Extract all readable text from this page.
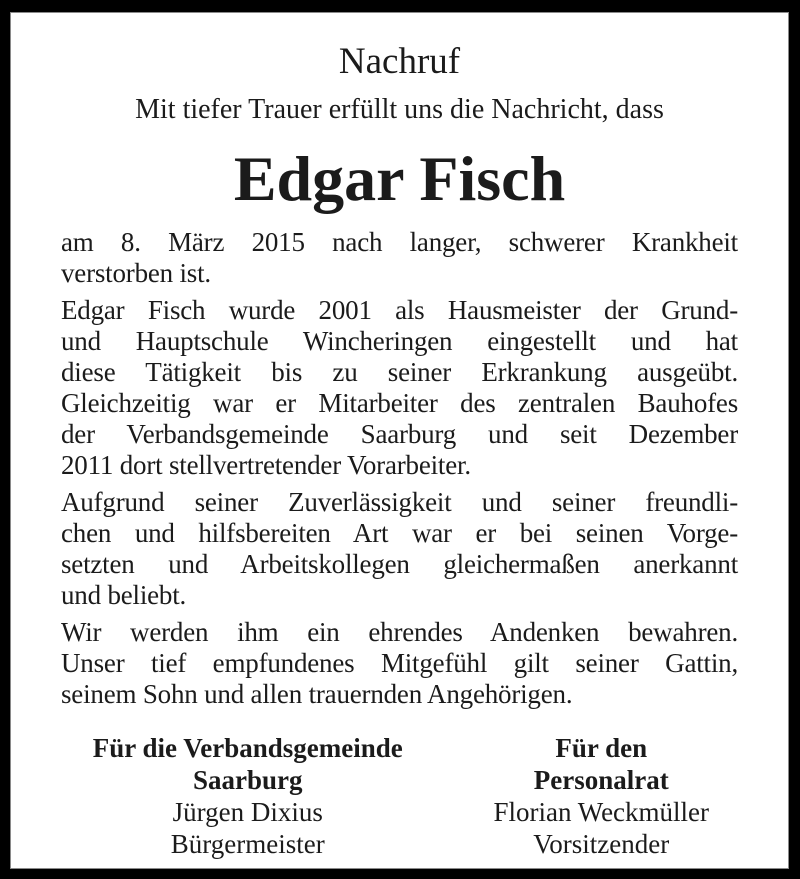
Nachruf
Mit tiefer Trauer erfüllt uns die Nachricht, dass
Edgar Fisch
am 8. März 2015 nach langer, schwerer Krankheit
verstorben ist.
Edgar Fisch wurde 2001 als Hausmeister der Grund-
und Hauptschule Wincheringen eingestellt und hat
diese Tätigkeit bis zu seiner Erkrankung ausgeübt.
Gleichzeitig war er Mitarbeiter des zentralen Bauhofes
der Verbandsgemeinde Saarburg und seit Dezember
2011 dort stellvertretender Vorarbeiter.
Aufgrund seiner Zuverlässigkeit und seiner freundli-
chen und hilfsbereiten Art war er bei seinen Vorge-
setzten und Arbeitskollegen gleichermaßen anerkannt
und beliebt.
Wir werden ihm ein ehrendes Andenken bewahren.
Unser tief empfundenes Mitgefühl gilt seiner Gattin,
seinem Sohn und allen trauernden Angehörigen.
Für die Verbandsgemeinde
Saarburg
Jürgen Dixius
Bürgermeister
Für den
Personalrat
Florian Weckmüller
Vorsitzender
